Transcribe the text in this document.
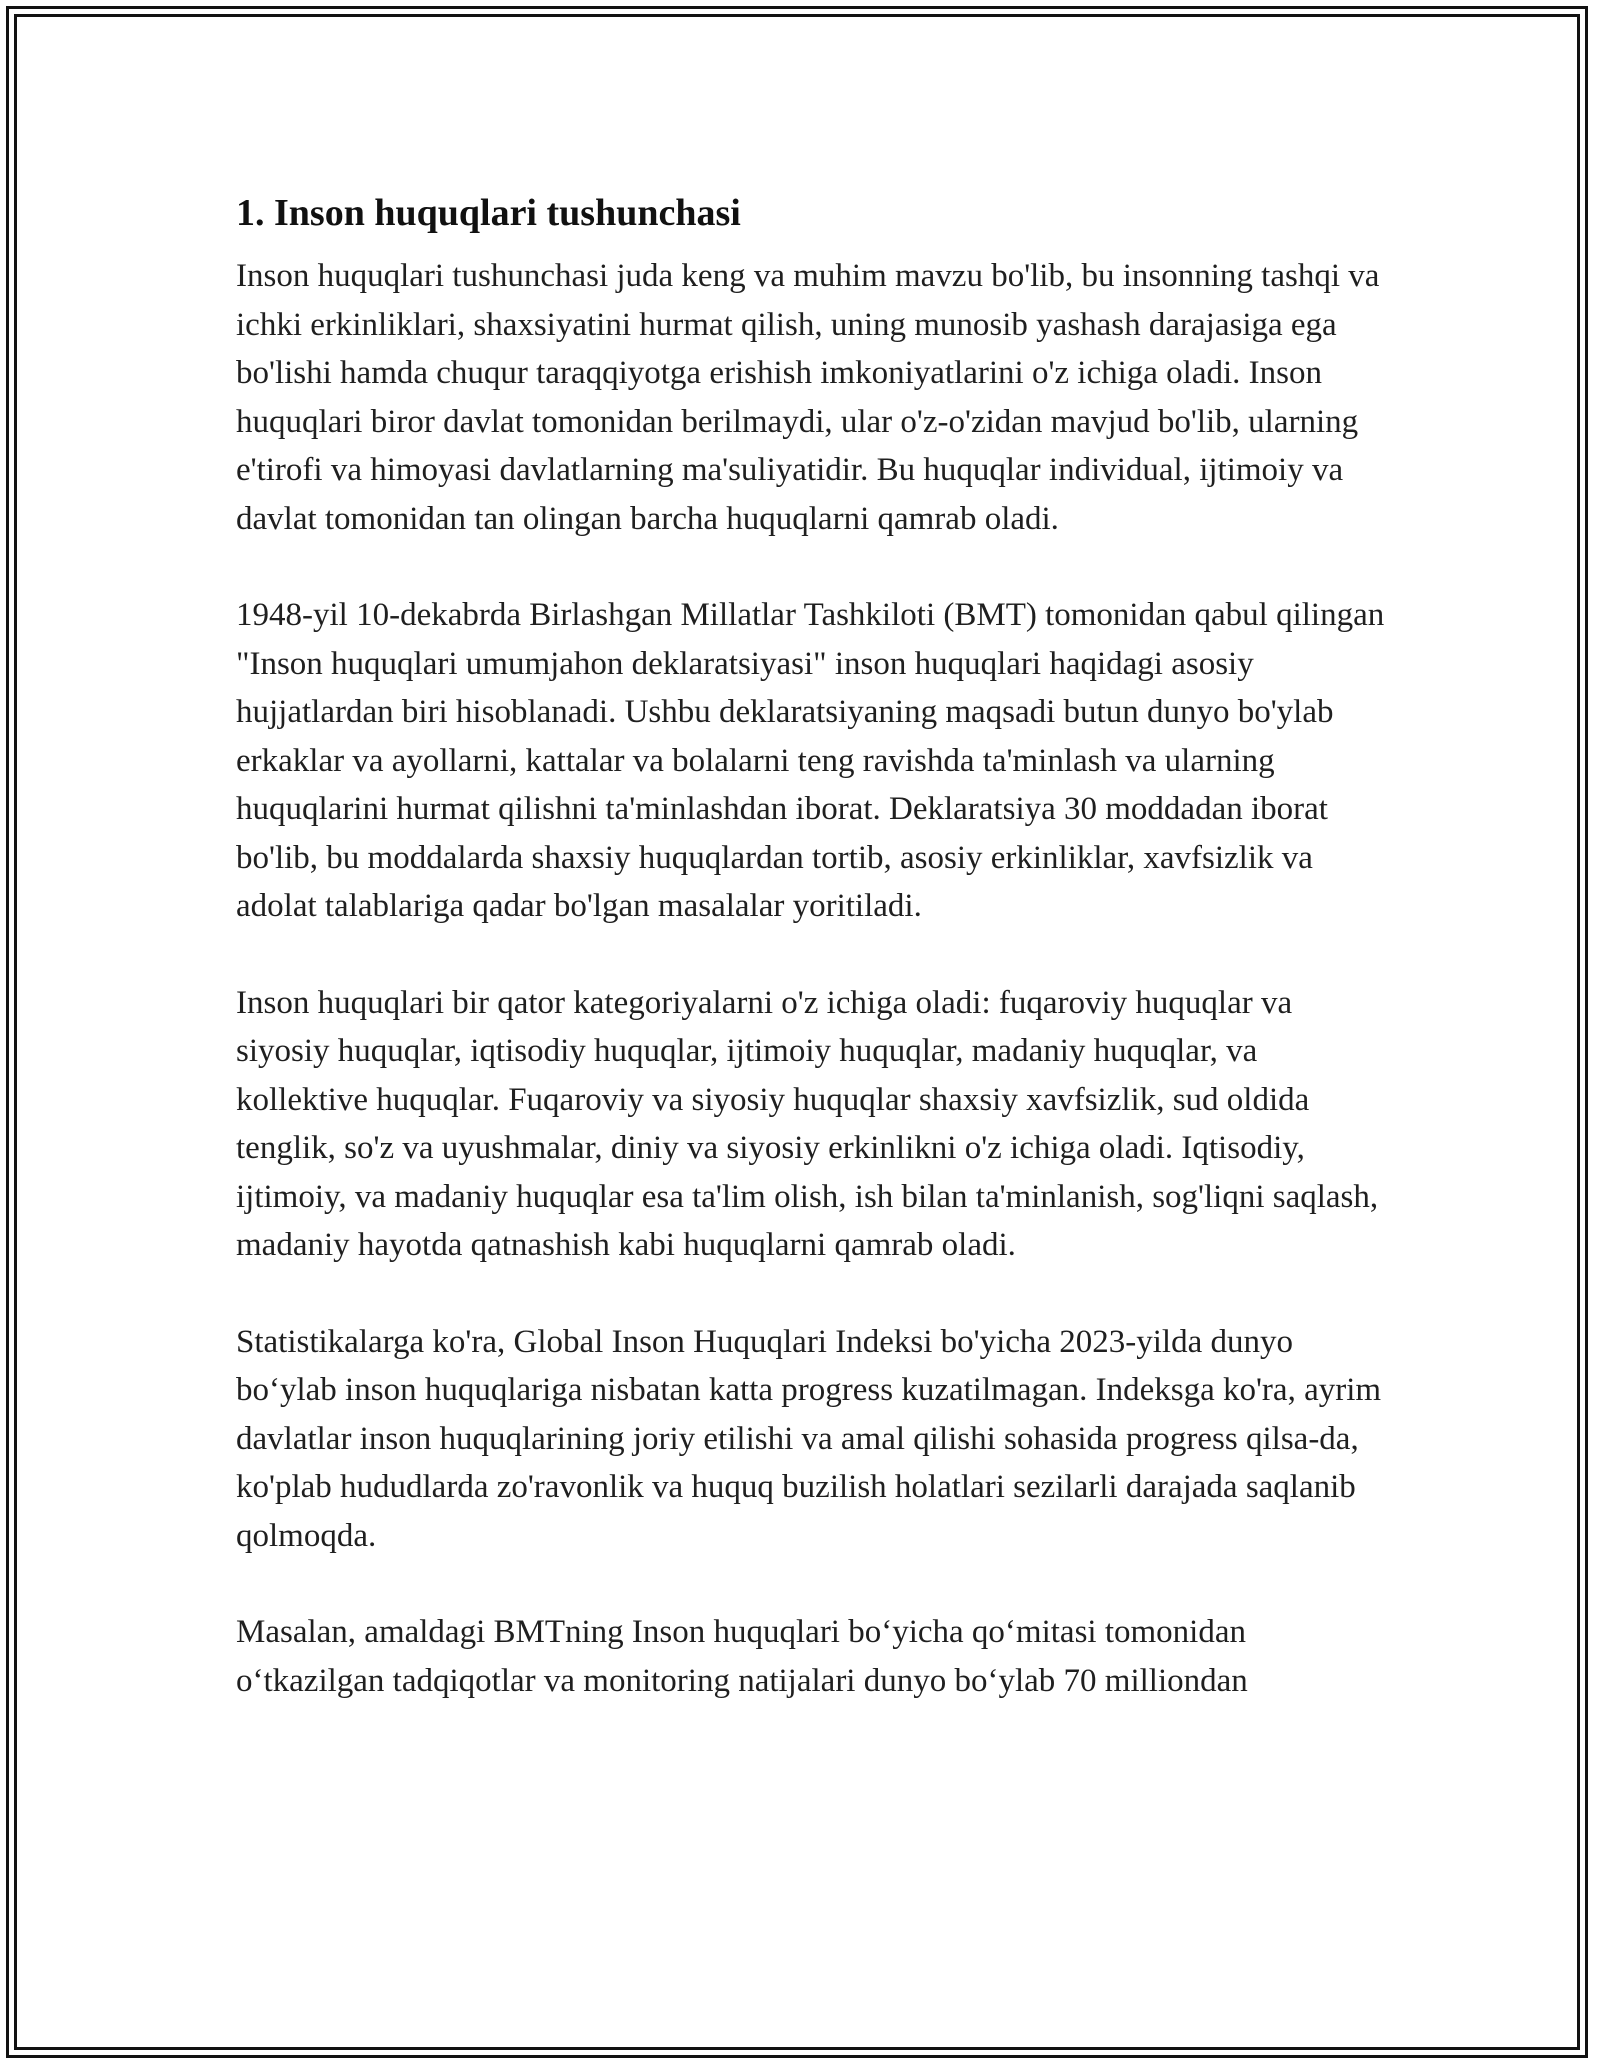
1. Inson huquqlari tushunchasi

Inson huquqlari tushunchasi juda keng va muhim mavzu bo'lib, bu insonning tashqi va ichki erkinliklari, shaxsiyatini hurmat qilish, uning munosib yashash darajasiga ega bo'lishi hamda chuqur taraqqiyotga erishish imkoniyatlarini o'z ichiga oladi. Inson huquqlari biror davlat tomonidan berilmaydi, ular o'z-o'zidan mavjud bo'lib, ularning e'tirofi va himoyasi davlatlarning ma'suliyatidir. Bu huquqlar individual, ijtimoiy va davlat tomonidan tan olingan barcha huquqlarni qamrab oladi.

1948-yil 10-dekabrda Birlashgan Millatlar Tashkiloti (BMT) tomonidan qabul qilingan "Inson huquqlari umumjahon deklaratsiyasi" inson huquqlari haqidagi asosiy hujjatlardan biri hisoblanadi. Ushbu deklaratsiyaning maqsadi butun dunyo bo'ylab erkaklar va ayollarni, kattalar va bolalarni teng ravishda ta'minlash va ularning huquqlarini hurmat qilishni ta'minlashdan iborat. Deklaratsiya 30 moddadan iborat bo'lib, bu moddalarda shaxsiy huquqlardan tortib, asosiy erkinliklar, xavfsizlik va adolat talablariga qadar bo'lgan masalalar yoritiladi.

Inson huquqlari bir qator kategoriyalarni o'z ichiga oladi: fuqaroviy huquqlar va siyosiy huquqlar, iqtisodiy huquqlar, ijtimoiy huquqlar, madaniy huquqlar, va kollektive huquqlar. Fuqaroviy va siyosiy huquqlar shaxsiy xavfsizlik, sud oldida tenglik, so'z va uyushmalar, diniy va siyosiy erkinlikni o'z ichiga oladi. Iqtisodiy, ijtimoiy, va madaniy huquqlar esa ta'lim olish, ish bilan ta'minlanish, sog'liqni saqlash, madaniy hayotda qatnashish kabi huquqlarni qamrab oladi.

Statistikalarga ko'ra, Global Inson Huquqlari Indeksi bo'yicha 2023-yilda dunyo bo‘ylab inson huquqlariga nisbatan katta progress kuzatilmagan. Indeksga ko'ra, ayrim davlatlar inson huquqlarining joriy etilishi va amal qilishi sohasida progress qilsa-da, ko'plab hududlarda zo'ravonlik va huquq buzilish holatlari sezilarli darajada saqlanib qolmoqda.

Masalan, amaldagi BMTning Inson huquqlari bo‘yicha qo‘mitasi tomonidan o‘tkazilgan tadqiqotlar va monitoring natijalari dunyo bo‘ylab 70 milliondan
